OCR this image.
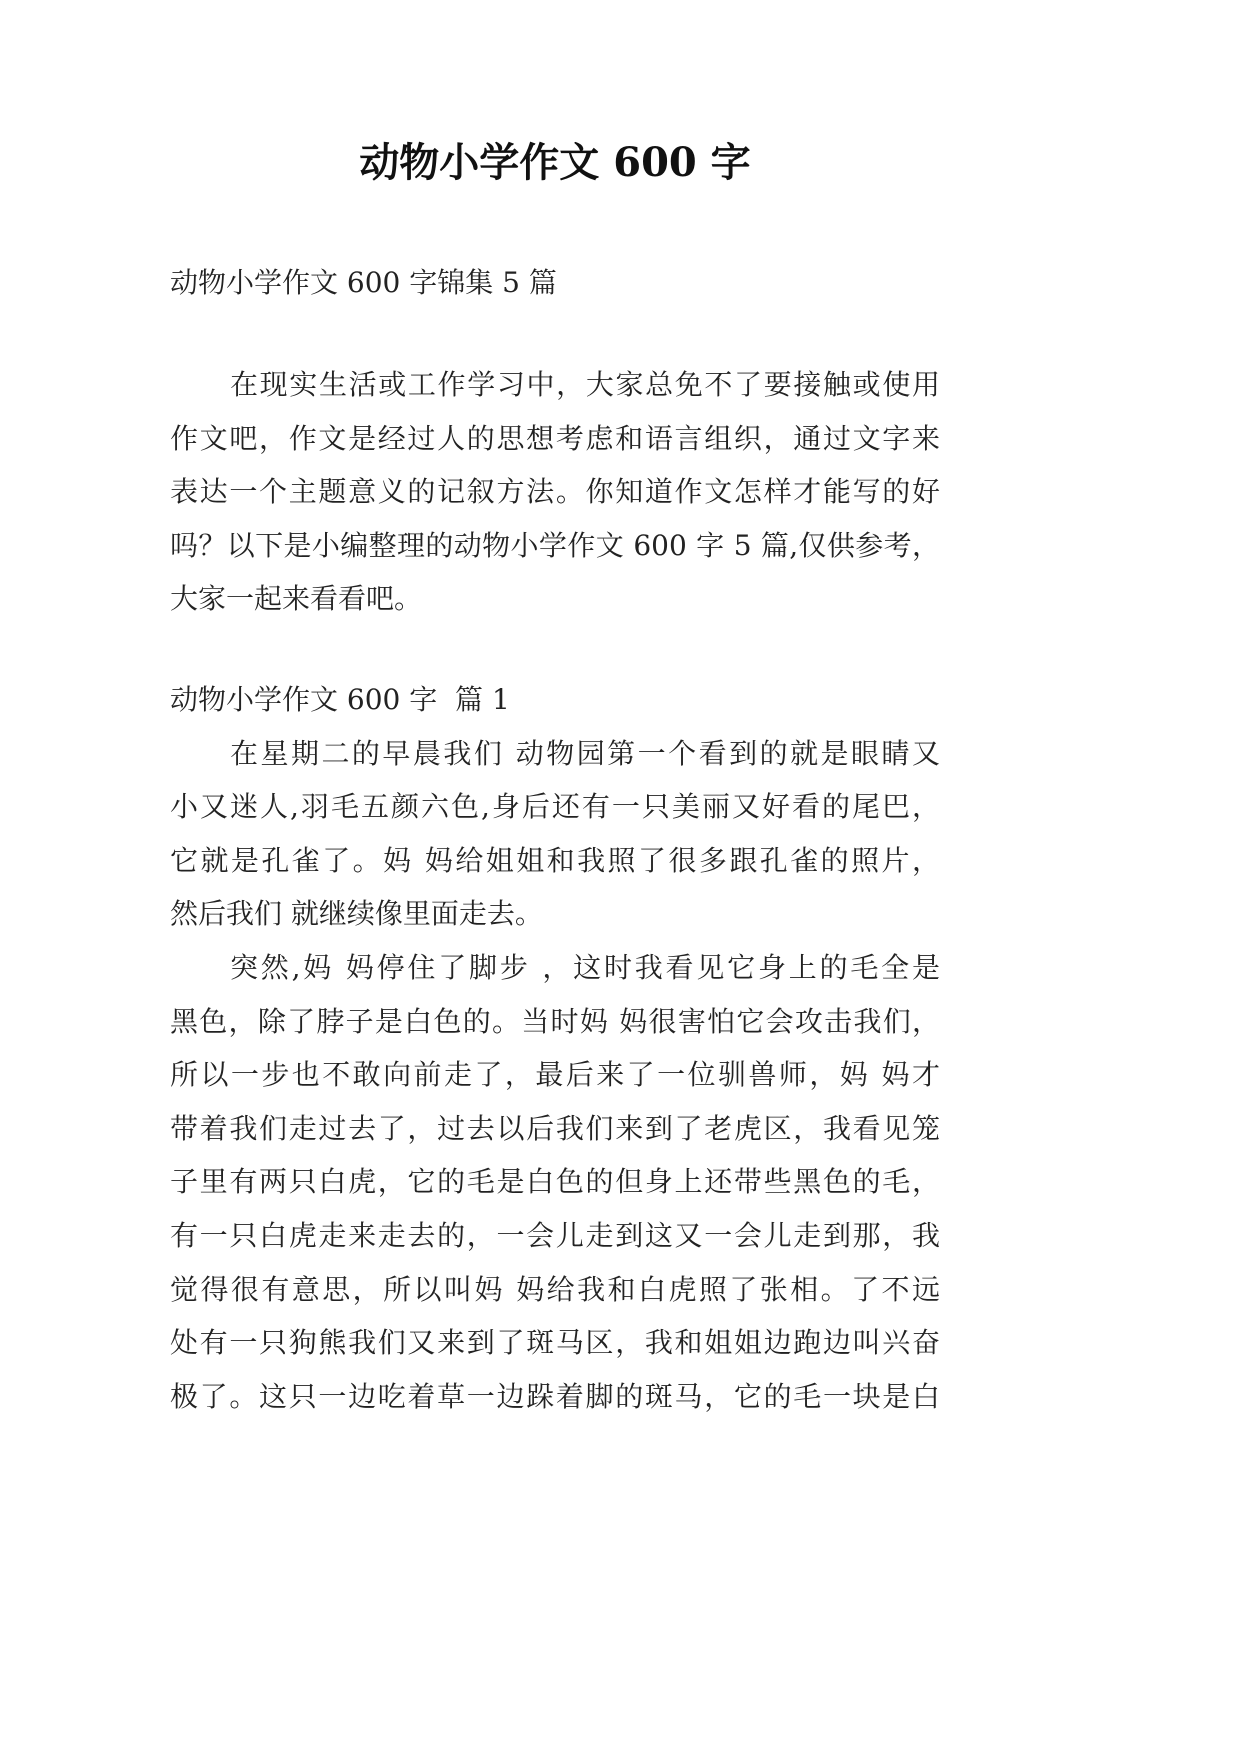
动物小学作文 600 字
动物小学作文 600 字锦集 5 篇
在现实生活或工作学习中，大家总免不了要接触或使用
作文吧，作文是经过人的思想考虑和语言组织，通过文字来
表达一个主题意义的记叙方法。你知道作文怎样才能写的好
吗？以下是小编整理的动物小学作文 600 字 5 篇,仅供参考，
大家一起来看看吧。
动物小学作文 600 字  篇 1
在星期二的早晨我们 动物园第一个看到的就是眼睛又
小又迷人,羽毛五颜六色,身后还有一只美丽又好看的尾巴，
它就是孔雀了。妈 妈给姐姐和我照了很多跟孔雀的照片，
然后我们 就继续像里面走去。
突然,妈 妈停住了脚步 ，这时我看见它身上的毛全是
黑色，除了脖子是白色的。当时妈 妈很害怕它会攻击我们，
所以一步也不敢向前走了，最后来了一位驯兽师，妈 妈才
带着我们走过去了，过去以后我们来到了老虎区，我看见笼
子里有两只白虎，它的毛是白色的但身上还带些黑色的毛，
有一只白虎走来走去的，一会儿走到这又一会儿走到那，我
觉得很有意思，所以叫妈 妈给我和白虎照了张相。了不远
处有一只狗熊我们又来到了斑马区，我和姐姐边跑边叫兴奋
极了。这只一边吃着草一边跺着脚的斑马，它的毛一块是白
